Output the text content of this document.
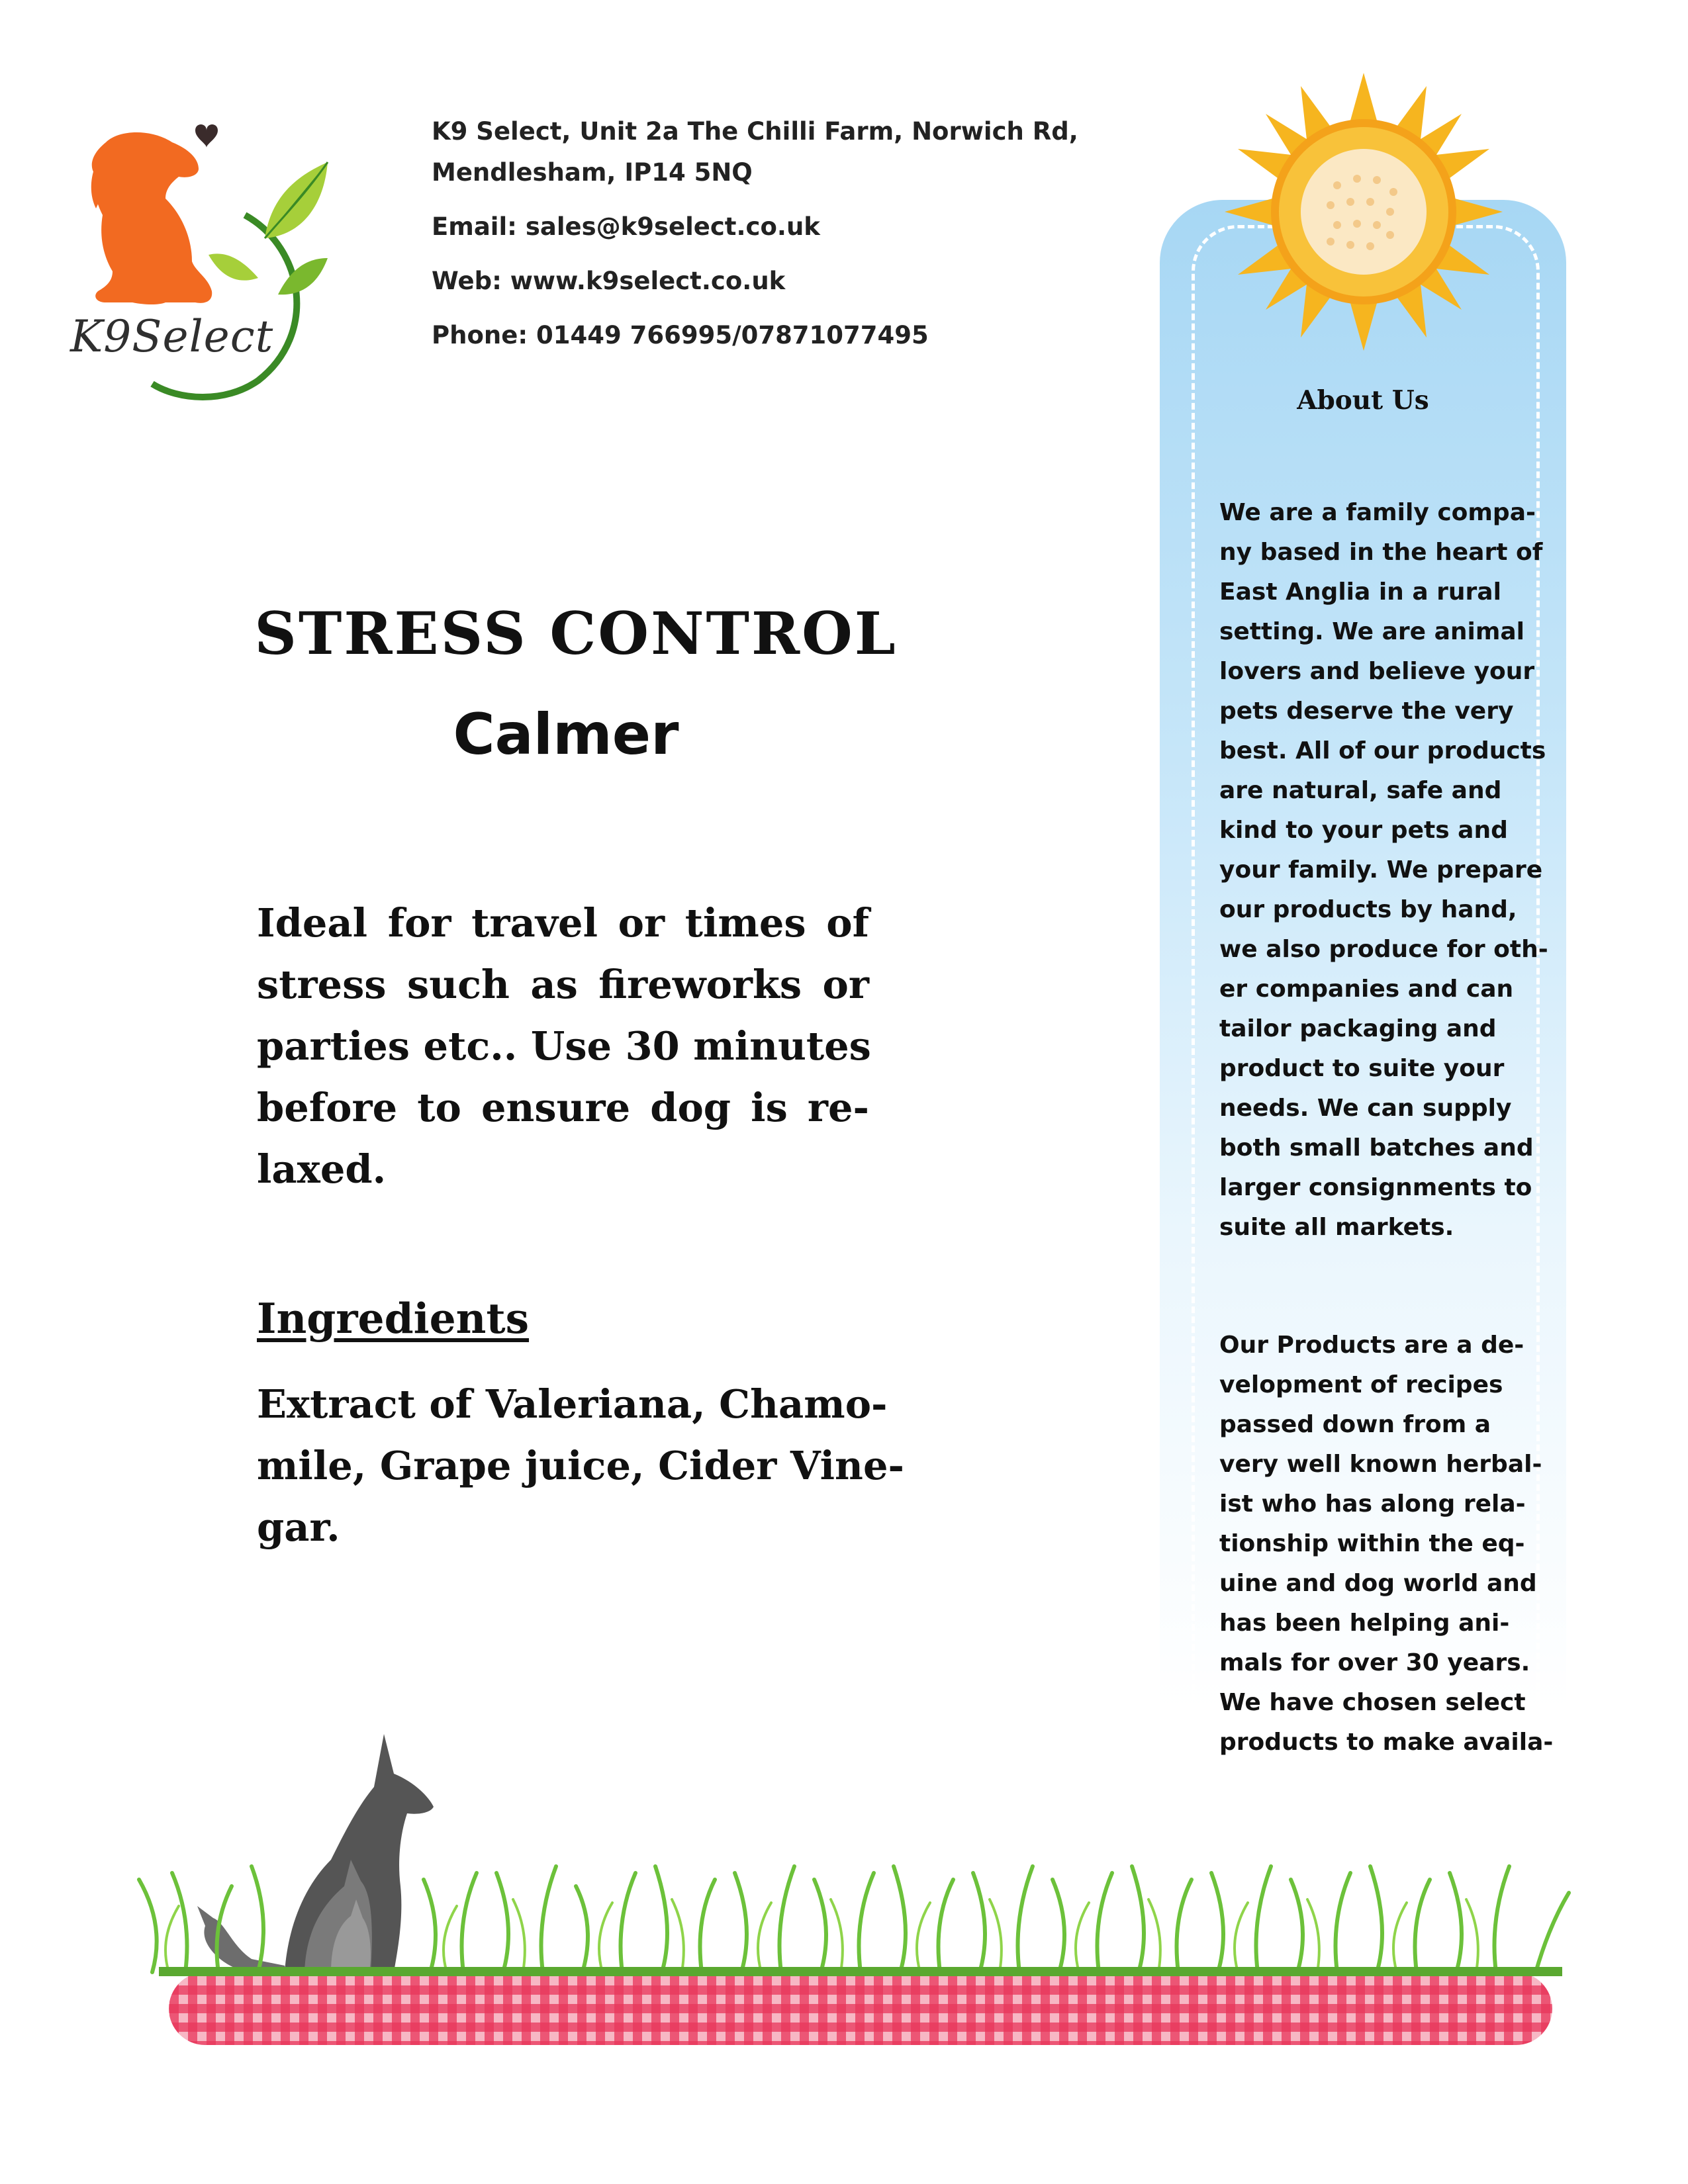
K9Select
K9 Select, Unit 2a The Chilli Farm, Norwich Rd,
Mendlesham, IP14 5NQ
Email: sales@k9select.co.uk
Web: www.k9select.co.uk
Phone: 01449 766995/07871077495
STRESS CONTROL
Calmer
Ideal for travel or times of
stress such as fireworks or
parties etc.. Use 30 minutes
before to ensure dog is re-
laxed.
Ingredients
Extract of Valeriana, Chamo-
mile, Grape juice, Cider Vine-
gar.
About Us
We are a family compa-
ny based in the heart of
East Anglia in a rural
setting. We are animal
lovers and believe your
pets deserve the very
best. All of our products
are natural, safe and
kind to your pets and
your family. We prepare
our products by hand,
we also produce for oth-
er companies and can
tailor packaging and
product to suite your
needs. We can supply
both small batches and
larger consignments to
suite all markets.
Our Products are a de-
velopment of recipes
passed down from a
very well known herbal-
ist who has along rela-
tionship within the eq-
uine and dog world and
has been helping ani-
mals for over 30 years.
We have chosen select
products to make availa-
